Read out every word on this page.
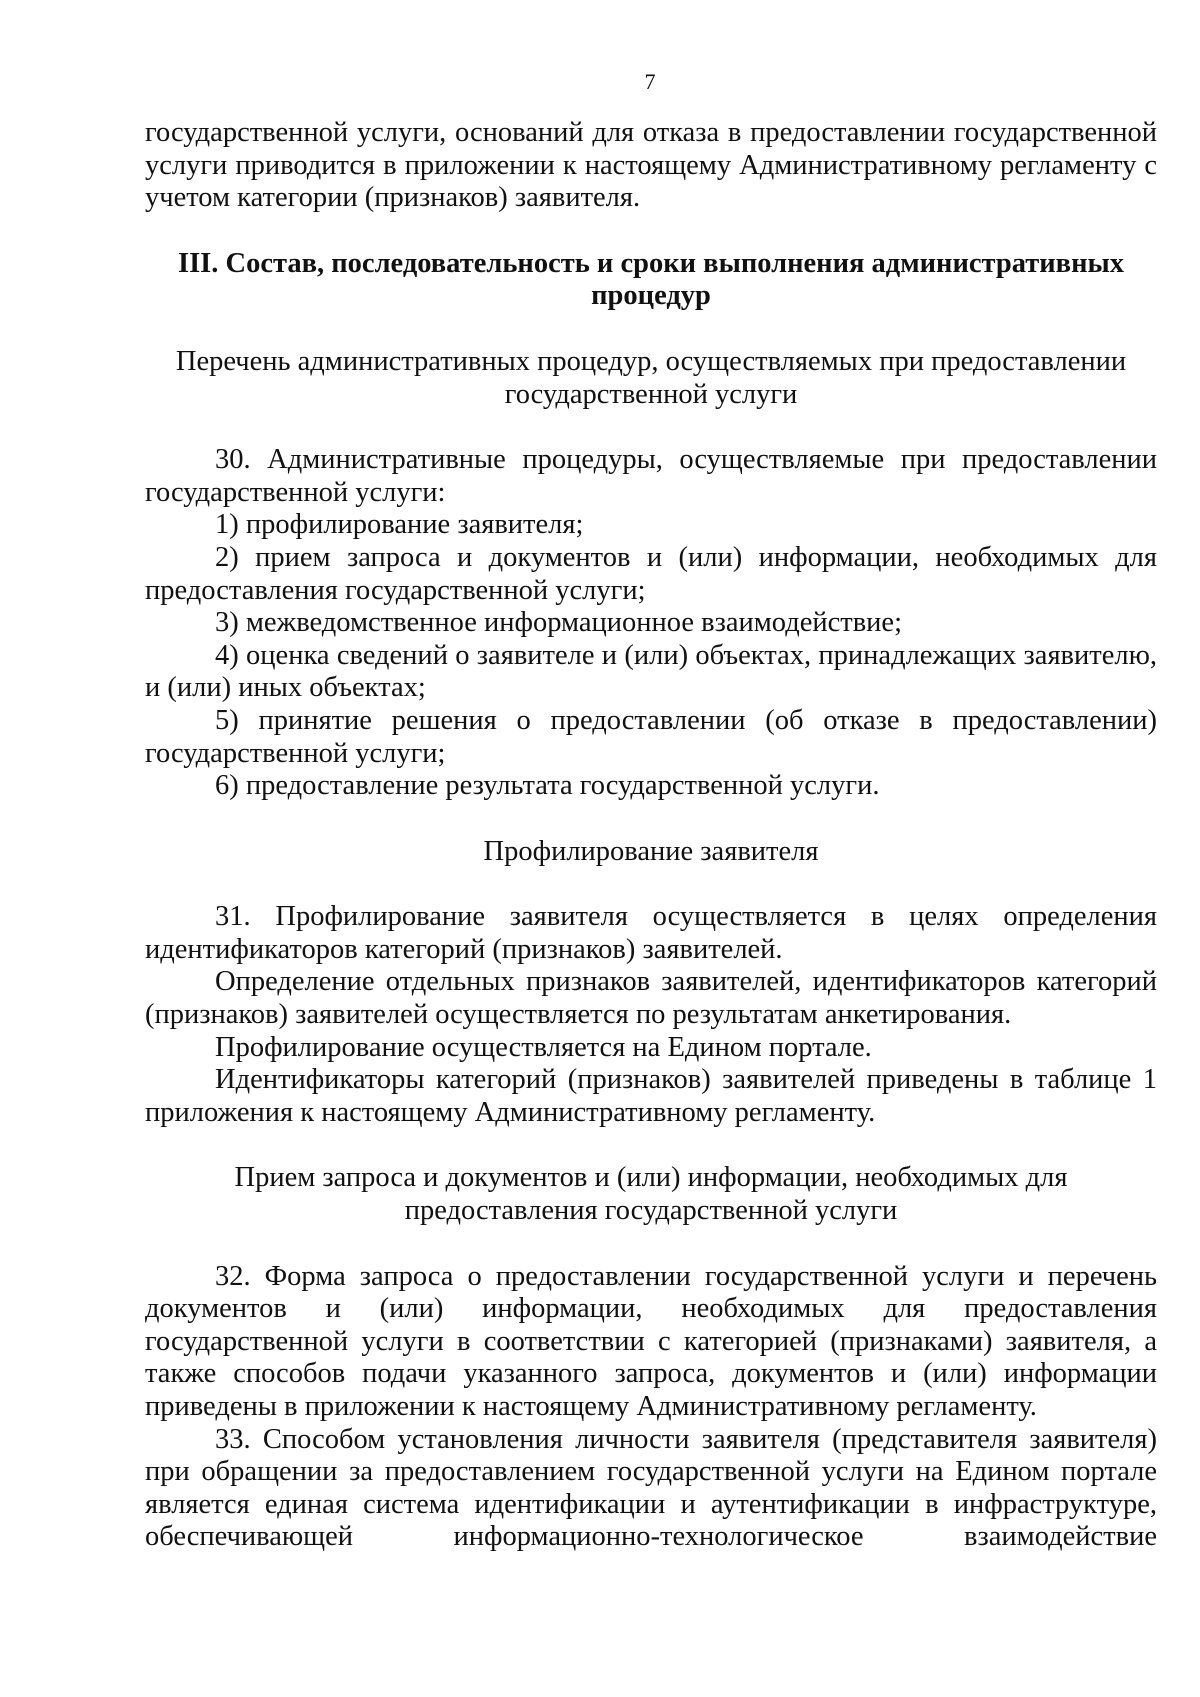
7

государственной услуги, оснований для отказа в предоставлении государственной услуги приводится в приложении к настоящему Административному регламенту с учетом категории (признаков) заявителя.

III. Состав, последовательность и сроки выполнения административных процедур

Перечень административных процедур, осуществляемых при предоставлении государственной услуги

30. Административные процедуры, осуществляемые при предоставлении государственной услуги:

1) профилирование заявителя;

2) прием запроса и документов и (или) информации, необходимых для предоставления государственной услуги;

3) межведомственное информационное взаимодействие;

4) оценка сведений о заявителе и (или) объектах, принадлежащих заявителю, и (или) иных объектах;

5) принятие решения о предоставлении (об отказе в предоставлении) государственной услуги;

6) предоставление результата государственной услуги.

Профилирование заявителя

31. Профилирование заявителя осуществляется в целях определения идентификаторов категорий (признаков) заявителей.

Определение отдельных признаков заявителей, идентификаторов категорий (признаков) заявителей осуществляется по результатам анкетирования.

Профилирование осуществляется на Едином портале.

Идентификаторы категорий (признаков) заявителей приведены в таблице 1 приложения к настоящему Административному регламенту.

Прием запроса и документов и (или) информации, необходимых для предоставления государственной услуги

32. Форма запроса о предоставлении государственной услуги и перечень документов и (или) информации, необходимых для предоставления государственной услуги в соответствии с категорией (признаками) заявителя, а также способов подачи указанного запроса, документов и (или) информации приведены в приложении к настоящему Административному регламенту.

33. Способом установления личности заявителя (представителя заявителя) при обращении за предоставлением государственной услуги на Едином портале является единая система идентификации и аутентификации в инфраструктуре, обеспечивающей информационно-технологическое взаимодействие
